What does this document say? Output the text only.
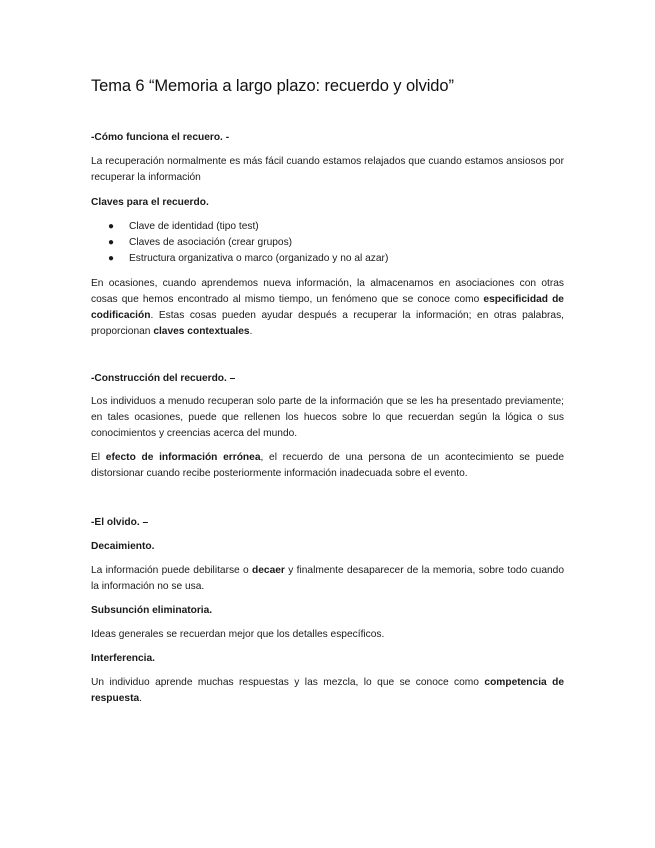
Tema 6 “Memoria a largo plazo: recuerdo y olvido”
-Cómo funciona el recuero. -
La recuperación normalmente es más fácil cuando estamos relajados que cuando estamos ansiosos por recuperar la información
Claves para el recuerdo.
● Clave de identidad (tipo test)
● Claves de asociación (crear grupos)
● Estructura organizativa o marco (organizado y no al azar)
En ocasiones, cuando aprendemos nueva información, la almacenamos en asociaciones con otras cosas que hemos encontrado al mismo tiempo, un fenómeno que se conoce como especificidad de codificación. Estas cosas pueden ayudar después a recuperar la información; en otras palabras, proporcionan claves contextuales.
-Construcción del recuerdo. –
Los individuos a menudo recuperan solo parte de la información que se les ha presentado previamente; en tales ocasiones, puede que rellenen los huecos sobre lo que recuerdan según la lógica o sus conocimientos y creencias acerca del mundo.
El efecto de información errónea, el recuerdo de una persona de un acontecimiento se puede distorsionar cuando recibe posteriormente información inadecuada sobre el evento.
-El olvido. –
Decaimiento.
La información puede debilitarse o decaer y finalmente desaparecer de la memoria, sobre todo cuando la información no se usa.
Subsunción eliminatoria.
Ideas generales se recuerdan mejor que los detalles específicos.
Interferencia.
Un individuo aprende muchas respuestas y las mezcla, lo que se conoce como competencia de respuesta.
